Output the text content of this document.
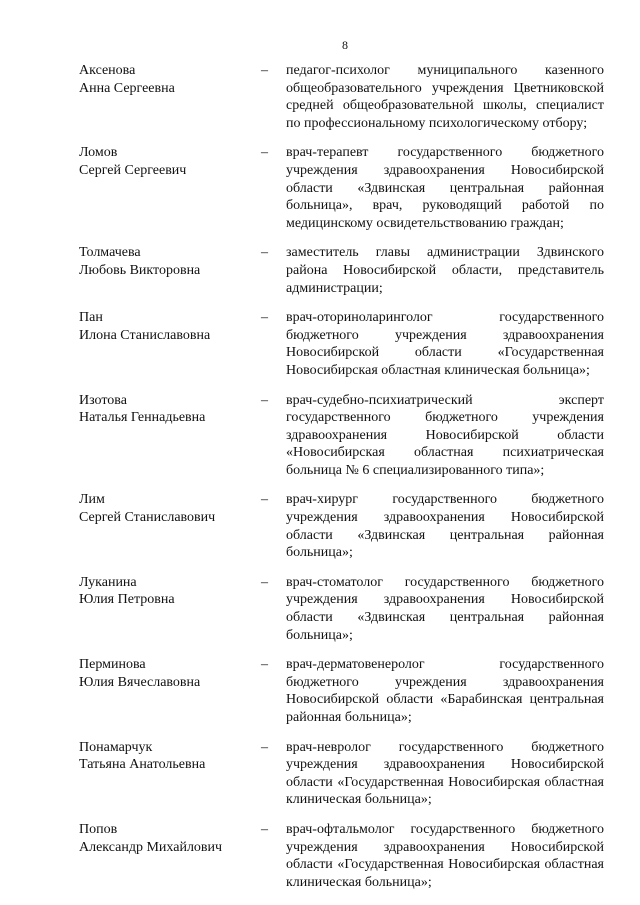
8
Аксенова
Анна Сергеевна
– педагог-психолог муниципального казенного общеобразовательного учреждения Цветниковской средней общеобразовательной школы, специалист по профессиональному психологическому отбору;
Ломов
Сергей Сергеевич
– врач-терапевт государственного бюджетного учреждения здравоохранения Новосибирской области «Здвинская центральная районная больница», врач, руководящий работой по медицинскому освидетельствованию граждан;
Толмачева
Любовь Викторовна
– заместитель главы администрации Здвинского района Новосибирской области, представитель администрации;
Пан
Илона Станиславовна
– врач-оториноларинголог государственного бюджетного учреждения здравоохранения Новосибирской области «Государственная Новосибирская областная клиническая больница»;
Изотова
Наталья Геннадьевна
– врач-судебно-психиатрический эксперт государственного бюджетного учреждения здравоохранения Новосибирской области «Новосибирская областная психиатрическая больница № 6 специализированного типа»;
Лим
Сергей Станиславович
– врач-хирург государственного бюджетного учреждения здравоохранения Новосибирской области «Здвинская центральная районная больница»;
Луканина
Юлия Петровна
– врач-стоматолог государственного бюджетного учреждения здравоохранения Новосибирской области «Здвинская центральная районная больница»;
Перминова
Юлия Вячеславовна
– врач-дерматовенеролог государственного бюджетного учреждения здравоохранения Новосибирской области «Барабинская центральная районная больница»;
Понамарчук
Татьяна Анатольевна
– врач-невролог государственного бюджетного учреждения здравоохранения Новосибирской области «Государственная Новосибирская областная клиническая больница»;
Попов
Александр Михайлович
– врач-офтальмолог государственного бюджетного учреждения здравоохранения Новосибирской области «Государственная Новосибирская областная клиническая больница»;
